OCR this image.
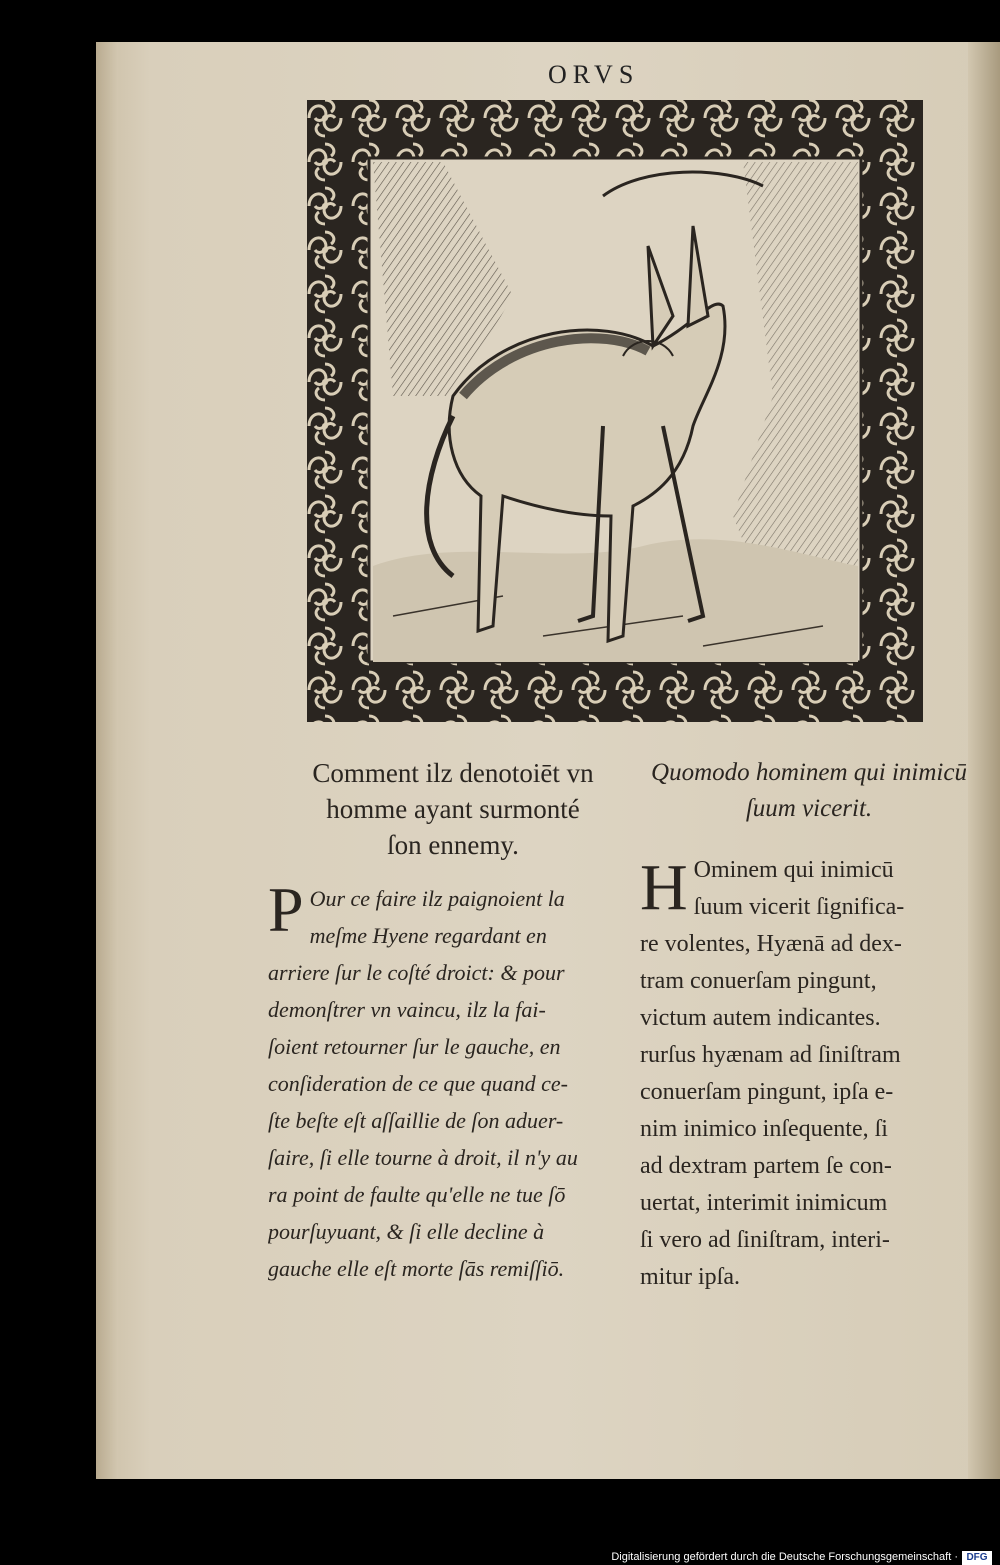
ORVS
Comment ilz denotoiēt vn
homme ayant surmonté
ſon ennemy.
Quomodo hominem qui inimicū
ſuum vicerit.
P Our ce faire ilz paignoient la
meſme Hyene regardant en
arriere ſur le coſté droict: & pour
demonſtrer vn vaincu, ilz la fai-
ſoient retourner ſur le gauche, en
conſideration de ce que quand ce-
ſte beſte eſt aſſaillie de ſon aduer-
ſaire, ſi elle tourne à droit, il n'y au
ra point de faulte qu'elle ne tue ſō
pourſuyuant, & ſi elle decline à
gauche elle eſt morte ſās remiſſiō.
H Ominem qui inimicū
ſuum vicerit ſignifica-
re volentes, Hyænā ad dex-
tram conuerſam pingunt,
victum autem indicantes.
rurſus hyænam ad ſiniſtram
conuerſam pingunt, ipſa e-
nim inimico inſequente, ſi
ad dextram partem ſe con-
uertat, interimit inimicum
ſi vero ad ſiniſtram, interi-
mitur ipſa.
Digitalisierung gefördert durch die Deutsche Forschungsgemeinschaft · DFG
